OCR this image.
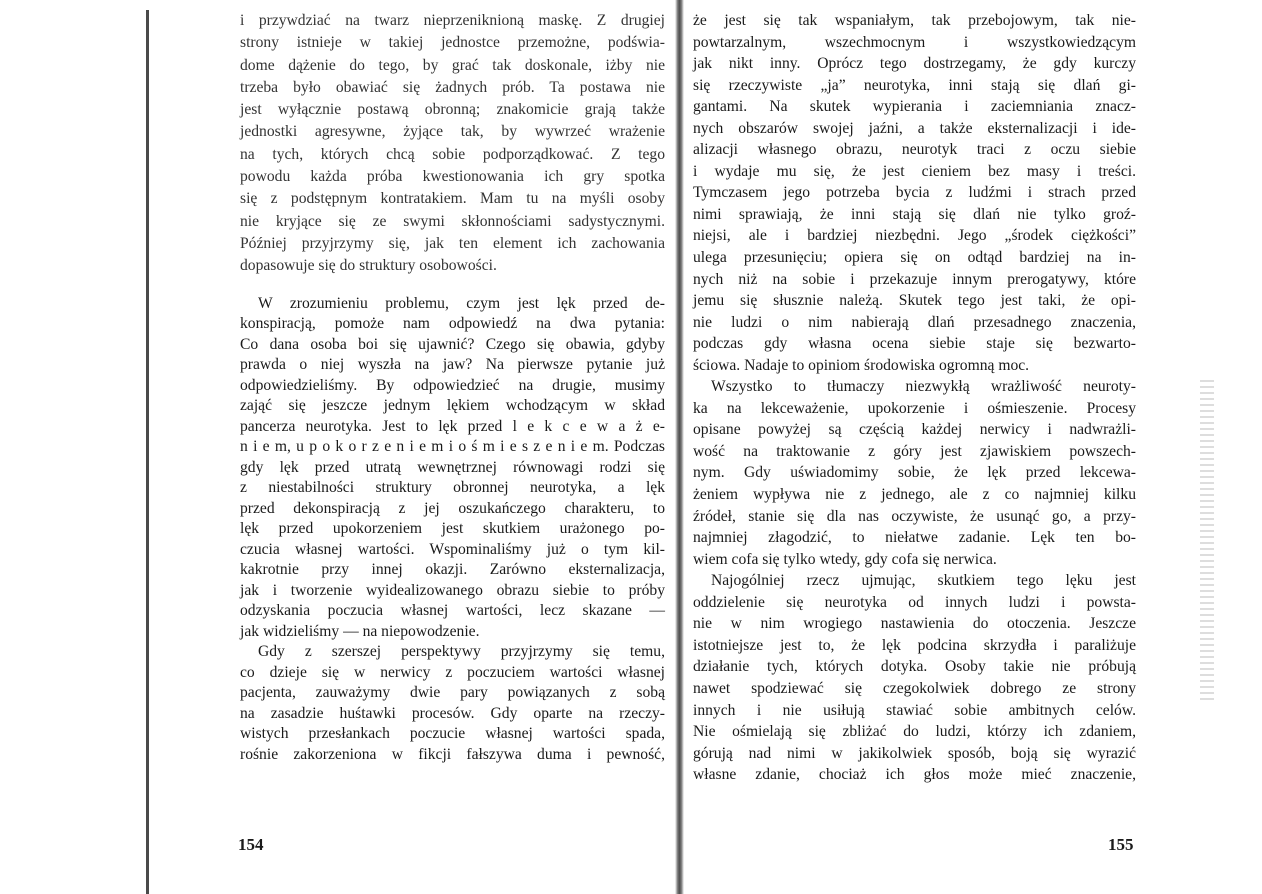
i przywdziać na twarz nieprzeniknioną maskę. Z drugiej
strony istnieje w takiej jednostce przemożne, podświa-
dome dążenie do tego, by grać tak doskonale, iżby nie
trzeba było obawiać się żadnych prób. Ta postawa nie
jest wyłącznie postawą obronną; znakomicie grają także
jednostki agresywne, żyjące tak, by wywrzeć wrażenie
na tych, których chcą sobie podporządkować. Z tego
powodu każda próba kwestionowania ich gry spotka
się z podstępnym kontratakiem. Mam tu na myśli osoby
nie kryjące się ze swymi skłonnościami sadystycznymi.
Później przyjrzymy się, jak ten element ich zachowania
dopasowuje się do struktury osobowości.
W zrozumieniu problemu, czym jest lęk przed de-
konspiracją, pomoże nam odpowiedź na dwa pytania:
Co dana osoba boi się ujawnić? Czego się obawia, gdyby
prawda o niej wyszła na jaw? Na pierwsze pytanie już
odpowiedzieliśmy. By odpowiedzieć na drugie, musimy
zająć się jeszcze jednym lękiem wchodzącym w skład
pancerza neurotyka. Jest to lęk przed l e k c e w a ż e-
n i e m, u p o k o r z e n i e m i o ś m i e s z e n i e m. Podczas
gdy lęk przed utratą wewnętrznej równowagi rodzi się
z niestabilności struktury obronnej neurotyka, a lęk
przed dekonspiracją z jej oszukańczego charakteru, to
lęk przed upokorzeniem jest skutkiem urażonego po-
czucia własnej wartości. Wspominaliśmy już o tym kil-
kakrotnie przy innej okazji. Zarówno eksternalizacja,
jak i tworzenie wyidealizowanego obrazu siebie to próby
odzyskania poczucia własnej wartości, lecz skazane —
jak widzieliśmy — na niepowodzenie.
Gdy z szerszej perspektywy przyjrzymy się temu,
co dzieje się w nerwicy z poczuciem wartości własnej
pacjenta, zauważymy dwie pary powiązanych z sobą
na zasadzie huśtawki procesów. Gdy oparte na rzeczy-
wistych przesłankach poczucie własnej wartości spada,
rośnie zakorzeniona w fikcji fałszywa duma i pewność,
że jest się tak wspaniałym, tak przebojowym, tak nie-
powtarzalnym, wszechmocnym i wszystkowiedzącym
jak nikt inny. Oprócz tego dostrzegamy, że gdy kurczy
się rzeczywiste „ja” neurotyka, inni stają się dlań gi-
gantami. Na skutek wypierania i zaciemniania znacz-
nych obszarów swojej jaźni, a także eksternalizacji i ide-
alizacji własnego obrazu, neurotyk traci z oczu siebie
i wydaje mu się, że jest cieniem bez masy i treści.
Tymczasem jego potrzeba bycia z ludźmi i strach przed
nimi sprawiają, że inni stają się dlań nie tylko groź-
niejsi, ale i bardziej niezbędni. Jego „środek ciężkości”
ulega przesunięciu; opiera się on odtąd bardziej na in-
nych niż na sobie i przekazuje innym prerogatywy, które
jemu się słusznie należą. Skutek tego jest taki, że opi-
nie ludzi o nim nabierają dlań przesadnego znaczenia,
podczas gdy własna ocena siebie staje się bezwarto-
ściowa. Nadaje to opiniom środowiska ogromną moc.
Wszystko to tłumaczy niezwykłą wrażliwość neuroty-
ka na lekceważenie, upokorzenie i ośmieszenie. Procesy
opisane powyżej są częścią każdej nerwicy i nadwrażli-
wość na traktowanie z góry jest zjawiskiem powszech-
nym. Gdy uświadomimy sobie, że lęk przed lekcewa-
żeniem wypływa nie z jednego, ale z co najmniej kilku
źródeł, stanie się dla nas oczywiste, że usunąć go, a przy-
najmniej złagodzić, to niełatwe zadanie. Lęk ten bo-
wiem cofa się tylko wtedy, gdy cofa się nerwica.
Najogólniej rzecz ujmując, skutkiem tego lęku jest
oddzielenie się neurotyka od innych ludzi i powsta-
nie w nim wrogiego nastawienia do otoczenia. Jeszcze
istotniejsze jest to, że lęk podcina skrzydła i paraliżuje
działanie tych, których dotyka. Osoby takie nie próbują
nawet spodziewać się czegokolwiek dobrego ze strony
innych i nie usiłują stawiać sobie ambitnych celów.
Nie ośmielają się zbliżać do ludzi, którzy ich zdaniem,
górują nad nimi w jakikolwiek sposób, boją się wyrazić
własne zdanie, chociaż ich głos może mieć znaczenie,
154	155
